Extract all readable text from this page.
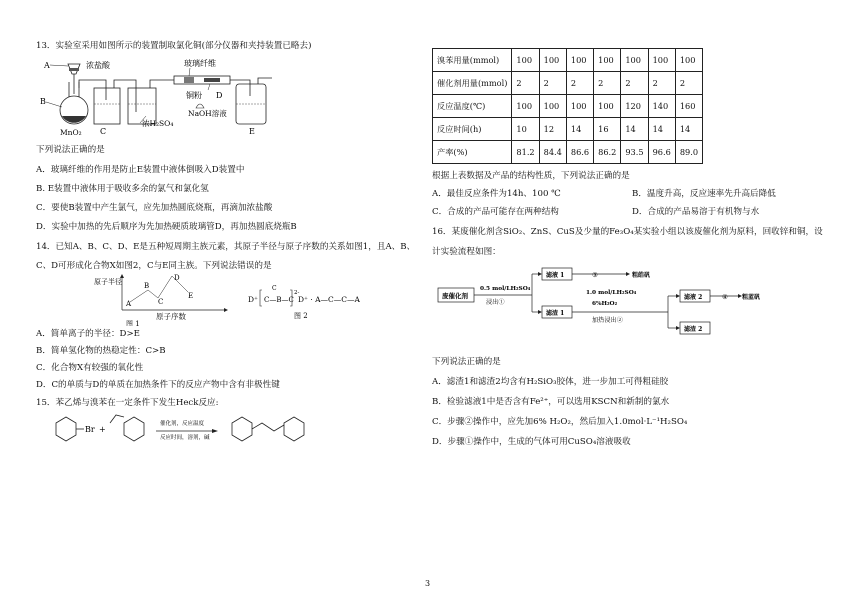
13．实验室采用如图所示的装置制取氯化铜(部分仪器和夹持装置已略去)

A	浓盐酸
B
MnO₂ C
浓H₂SO₄
玻璃纤维
铜粉 D
NaOH溶液
E

下列说法正确的是

A．玻璃纤维的作用是防止E装置中液体倒吸入D装置中

B. E装置中液体用于吸收多余的氯气和氯化氢

C．要使B装置中产生氯气，应先加热圆底烧瓶，再滴加浓盐酸

D．实验中加热的先后顺序为先加热硬质玻璃管D，再加热圆底烧瓶B

14．已知A、B、C、D、E是五种短周期主族元素，其原子半径与原子序数的关系如图1，且A、B、

C、D可形成化合物X如图2，C与E同主族。下列说法错误的是

原子半径
原子序数
图 1
A
B
C
D
E	D⁺ C—B—C
C
2-
D⁺ · A—C—C—A
图 2

A．简单离子的半径：D>E

B．简单氢化物的热稳定性：C>B

C．化合物X有较强的氧化性

D．C的单质与D的单质在加热条件下的反应产物中含有非极性键

15．苯乙烯与溴苯在一定条件下发生Heck反应:

Br +
催化剂，反应温度
反应时间，溶剂，碱
溴苯用量(mmol)	100	100	100	100	100	100	100
催化剂用量(mmol)	2	2	2	2	2	2	2
反应温度(℃)	100	100	100	100	120	140	160
反应时间(h)	10	12	14	16	14	14	14
产率(%)	81.2	84.4	86.6	86.2	93.5	96.6	89.0

根据上表数据及产品的结构性质，下列说法正确的是

A．最佳反应条件为14h、100 ℃	B．温度升高，反应速率先升高后降低
C．合成的产品可能存在两种结构	D．合成的产品易溶于有机物与水

16．某废催化剂含SiO₂、ZnS、CuS及少量的Fe₃O₄某实验小组以该废催化剂为原料，回收锌和铜，设

计实验流程如图：

废催化剂
0.5 mol/LH₂SO₄
浸出①
滤液 1	③	粗皓矾
滤渣 1
1.0 mol/LH₂SO₄
6%H₂O₂
加热浸出②
滤液 2	④ 粗蓝矾
滤渣 2

下列说法正确的是

A．滤渣1和滤渣2均含有H₂SiO₃胶体，进一步加工可得粗硅胶

B．检验滤液1中是否含有Fe²⁺，可以选用KSCN和新制的氯水

C．步骤②操作中，应先加6% H₂O₂，然后加入1.0mol·L⁻¹H₂SO₄

D．步骤①操作中，生成的气体可用CuSO₄溶液吸收

3
